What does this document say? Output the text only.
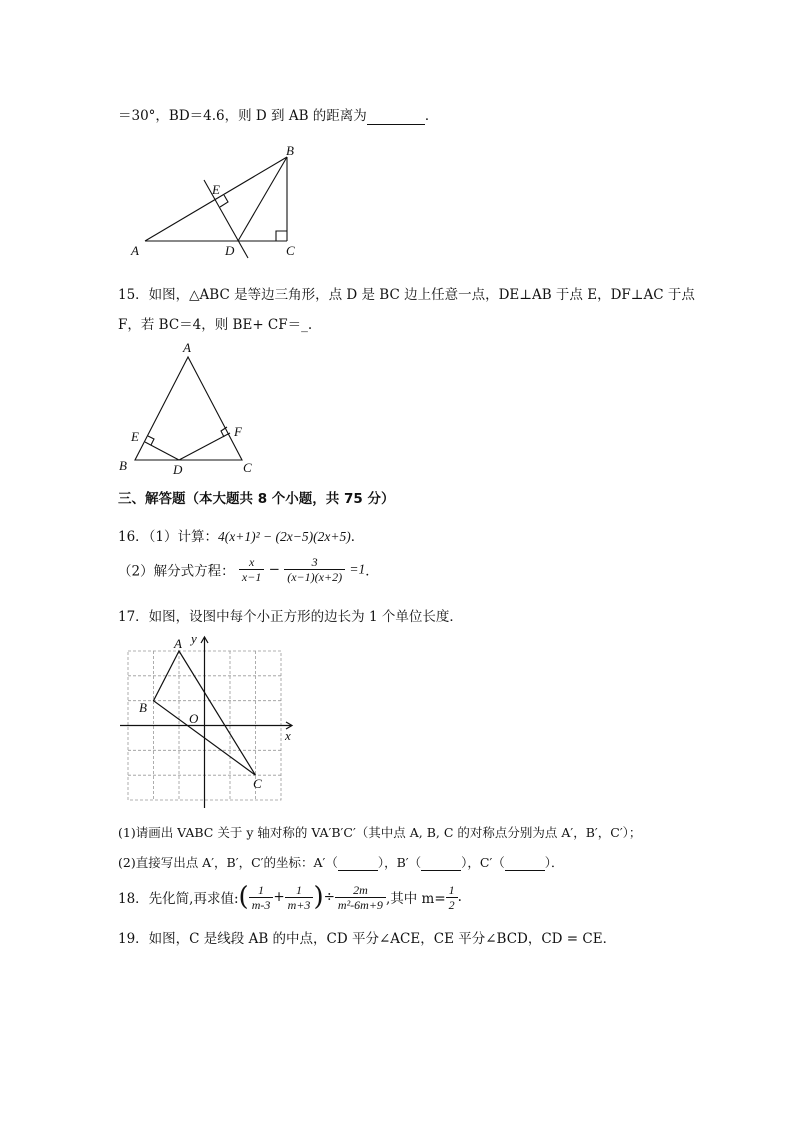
＝30°，BD＝4.6，则 D 到 AB 的距离为	．
A
B
C
D
E
15．如图，△ABC 是等边三角形，点 D 是 BC 边上任意一点，DE⊥AB 于点 E，DF⊥AC 于点
F，若 BC＝4，则 BE+ CF＝_.
A
B	C
D
E	F
三、解答题（本大题共 8 个小题，共 75 分）
16．（1）计算：4(x+1)² − (2x−5)(2x+5)．
（2）解分式方程： $\frac{x}{x-1} - \frac{3}{(x-1)(x+2)} =1$．
17．如图，设图中每个小正方形的边长为 1 个单位长度．
A
B
C
O
x
y
(1)请画出 VABC 关于 y 轴对称的 VA′B′C′（其中点 A, B, C 的对称点分别为点 A′，B′，C′）；
(2)直接写出点 A′，B′，C′的坐标：A′（	），B′（	），C′（	）．
18．先化简,再求值:( $\frac{1}{m-3} + \frac{1}{m+3}$ )÷ $\frac{2m}{\text{m²-6m+9}}$ ,其中 $m= \frac{1}{2}$ .
19．如图，C 是线段 AB 的中点，CD 平分∠ACE，CE 平分∠BCD，CD = CE．
